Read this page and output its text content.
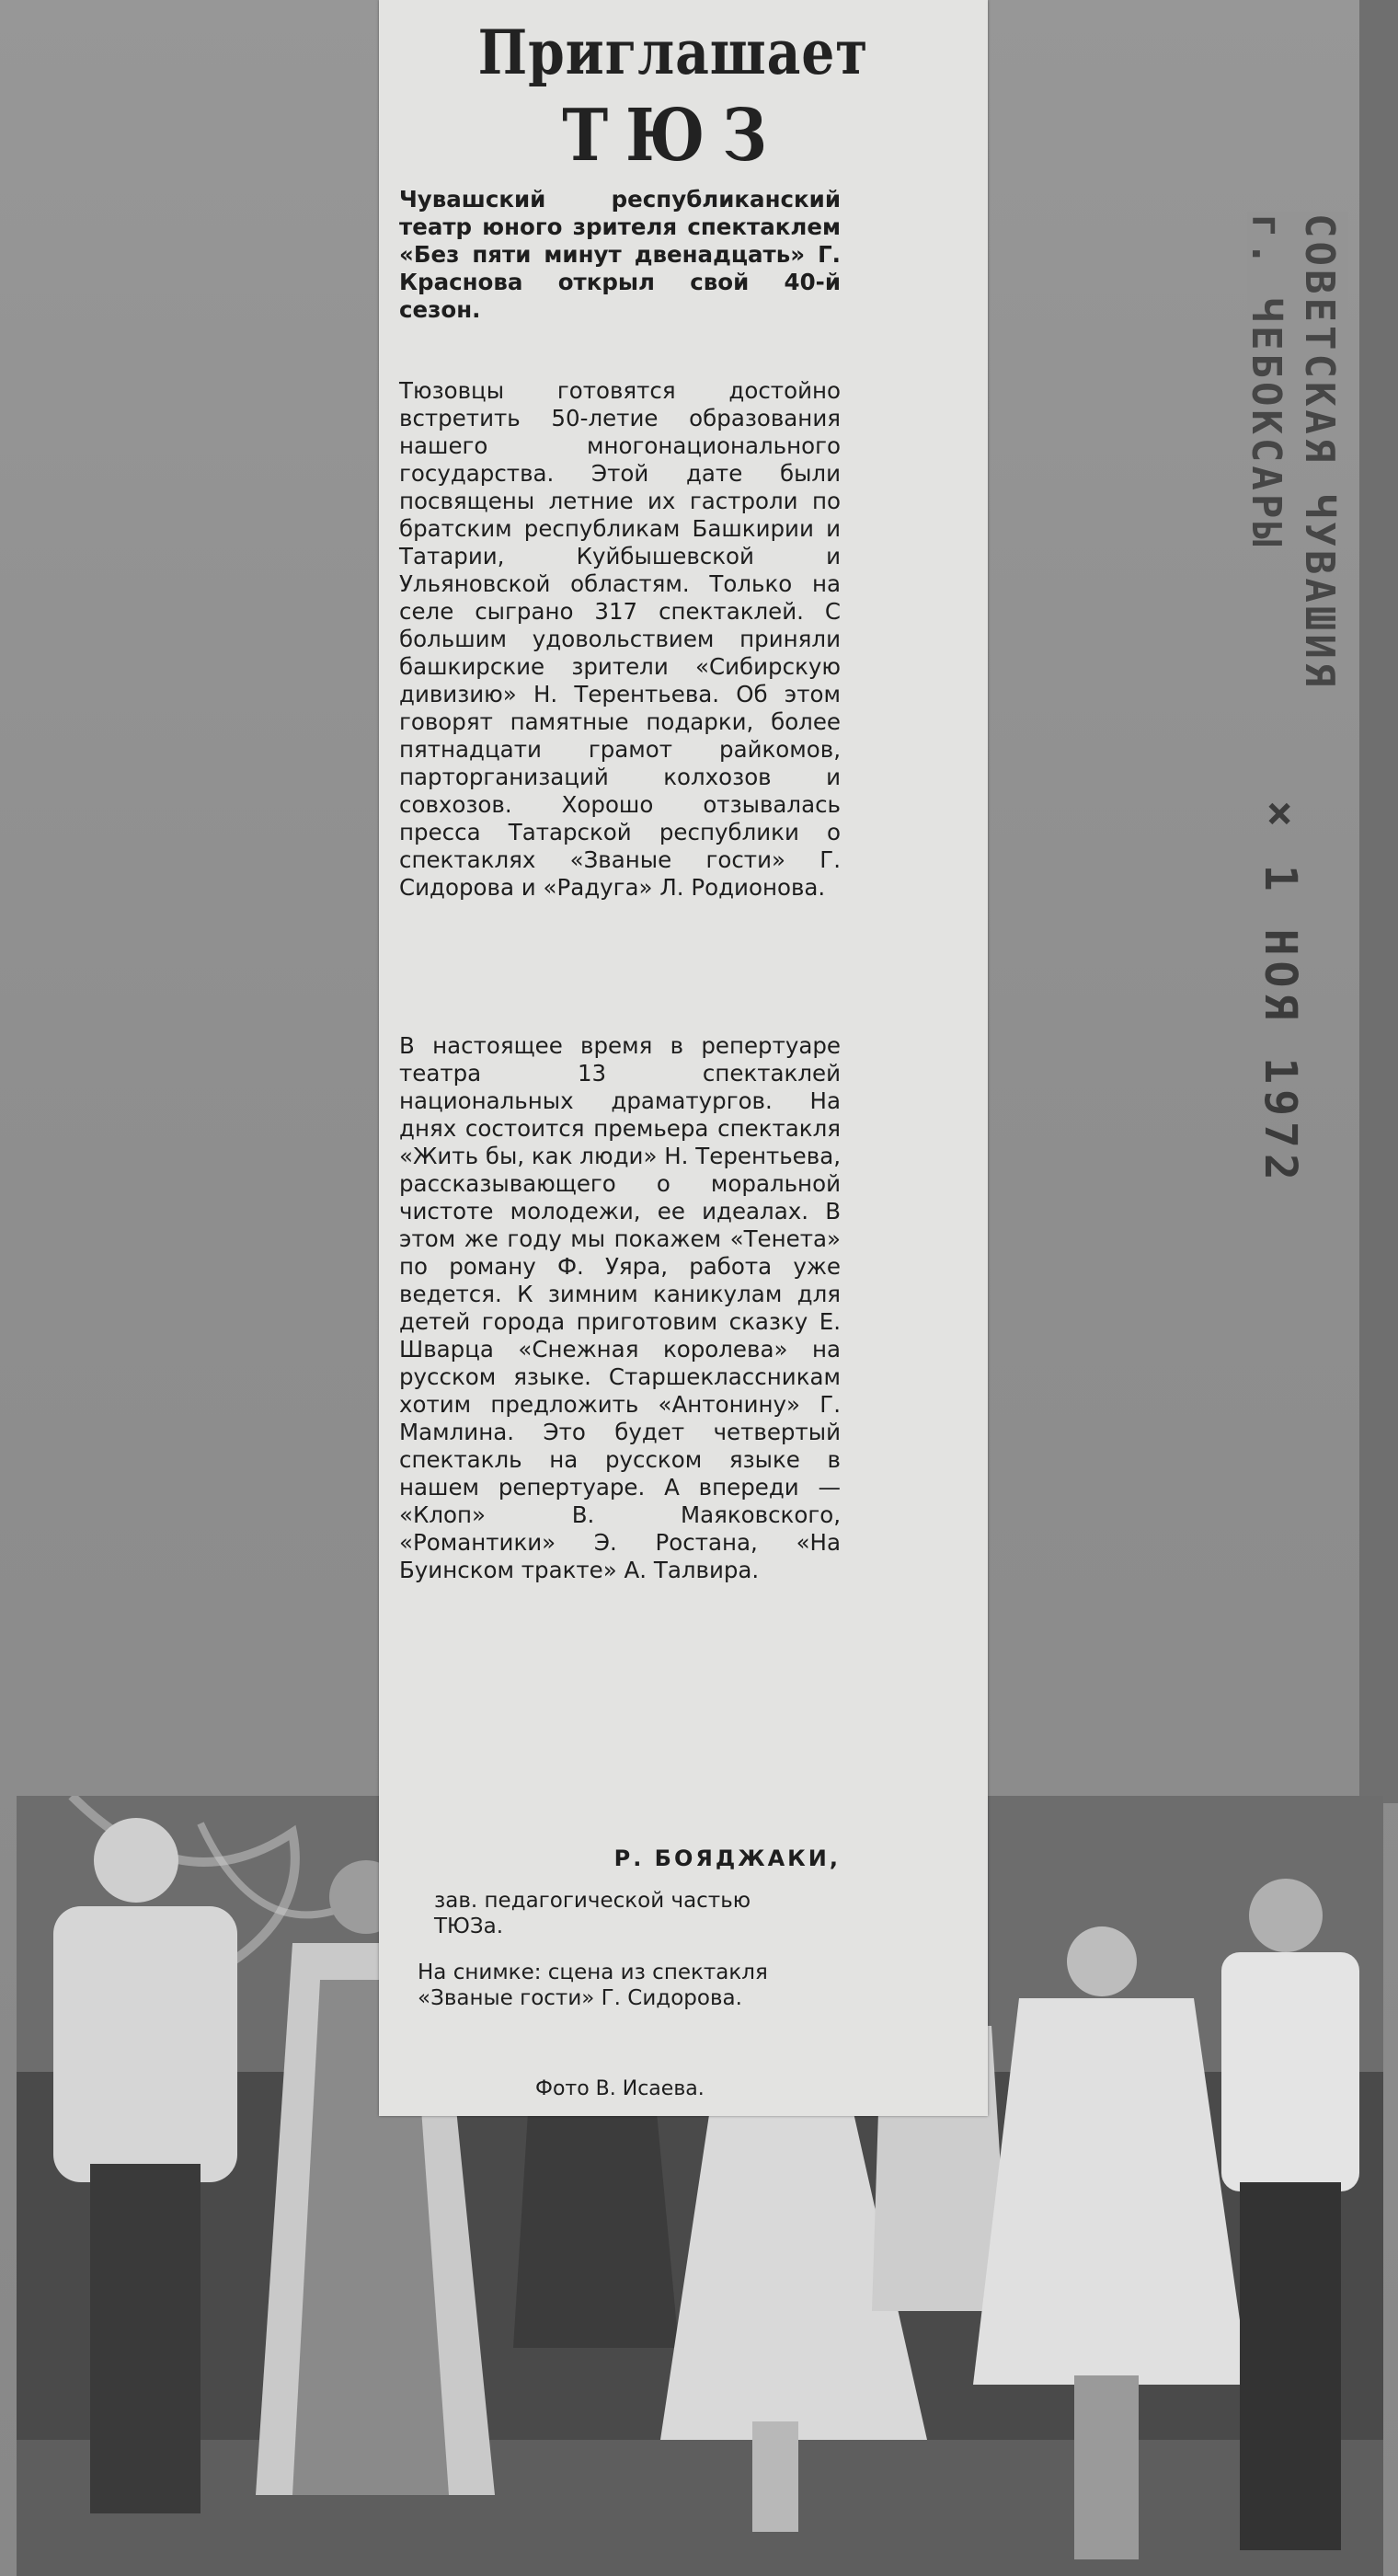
Приглашает
ТЮЗ
Чувашский республиканский театр юного зрителя спектаклем «Без пяти минут двенадцать» Г. Краснова открыл свой 40-й сезон.
Тюзовцы готовятся достойно встретить 50-летие образования нашего многонационального государства. Этой дате были посвящены летние их гастроли по братским республикам Башкирии и Татарии, Куйбышевской и Ульяновской областям. Только на селе сыграно 317 спектаклей. С большим удовольствием приняли башкирские зрители «Сибирскую дивизию» Н. Терентьева. Об этом говорят памятные подарки, более пятнадцати грамот райкомов, парторганизаций колхозов и совхозов. Хорошо отзывалась пресса Татарской республики о спектаклях «Званые гости» Г. Сидорова и «Радуга» Л. Родионова.
В настоящее время в репертуаре театра 13 спектаклей национальных драматургов. На днях состоится премьера спектакля «Жить бы, как люди» Н. Терентьева, рассказывающего о моральной чистоте молодежи, ее идеалах. В этом же году мы покажем «Тенета» по роману Ф. Уяра, работа уже ведется. К зимним каникулам для детей города приготовим сказку Е. Шварца «Снежная королева» на русском языке. Старшеклассникам хотим предложить «Антонину» Г. Мамлина. Это будет четвертый спектакль на русском языке в нашем репертуаре. А впереди — «Клоп» В. Маяковского, «Романтики» Э. Ростана, «На Буинском тракте» А. Талвира.
Р. БОЯДЖАКИ,
зав. педагогической частью ТЮЗа.
На снимке: сцена из спектакля «Званые гости» Г. Сидорова.
Фото В. Исаева.
СОВЕТСКАЯ ЧУВАШИЯ
г. ЧЕБОКСАРЫ
× 1 НОЯ 1972
